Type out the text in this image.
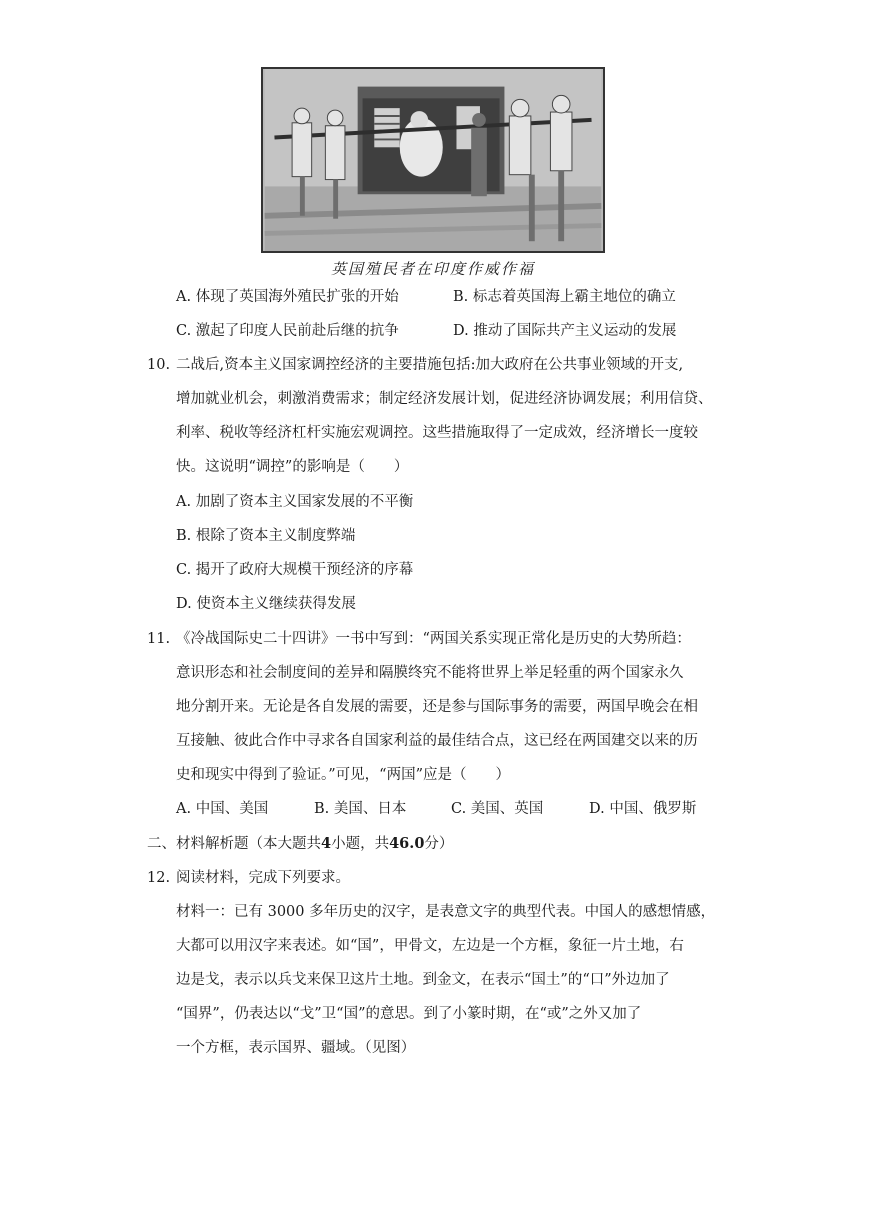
英国殖民者在印度作威作福
A. 体现了英国海外殖民扩张的开始	B. 标志着英国海上霸主地位的确立
C. 激起了印度人民前赴后继的抗争	D. 推动了国际共产主义运动的发展
10. 二战后,资本主义国家调控经济的主要措施包括:加大政府在公共事业领域的开支,
增加就业机会，刺激消费需求；制定经济发展计划，促进经济协调发展；利用信贷、
利率、税收等经济杠杆实施宏观调控。这些措施取得了一定成效，经济增长一度较
快。这说明“调控”的影响是（　　）
A. 加剧了资本主义国家发展的不平衡
B. 根除了资本主义制度弊端
C. 揭开了政府大规模干预经济的序幕
D. 使资本主义继续获得发展
11. 《冷战国际史二十四讲》一书中写到：“两国关系实现正常化是历史的大势所趋：
意识形态和社会制度间的差异和隔膜终究不能将世界上举足轻重的两个国家永久
地分割开来。无论是各自发展的需要，还是参与国际事务的需要，两国早晚会在相
互接触、彼此合作中寻求各自国家利益的最佳结合点，这已经在两国建交以来的历
史和现实中得到了验证。”可见，“两国”应是（　　）
A. 中国、美国	B. 美国、日本	C. 美国、英国	D. 中国、俄罗斯
二、材料解析题（本大题共4小题，共46.0分）
12. 阅读材料，完成下列要求。
材料一：已有 3000 多年历史的汉字，是表意文字的典型代表。中国人的感想情感，
大都可以用汉字来表述。如“国”，甲骨文，左边是一个方框，象征一片土地，右
边是戈，表示以兵戈来保卫这片土地。到金文，在表示“国土”的“口”外边加了
“国界”，仍表达以“戈”卫“国”的意思。到了小篆时期，在“或”之外又加了
一个方框，表示国界、疆域。（见图）
